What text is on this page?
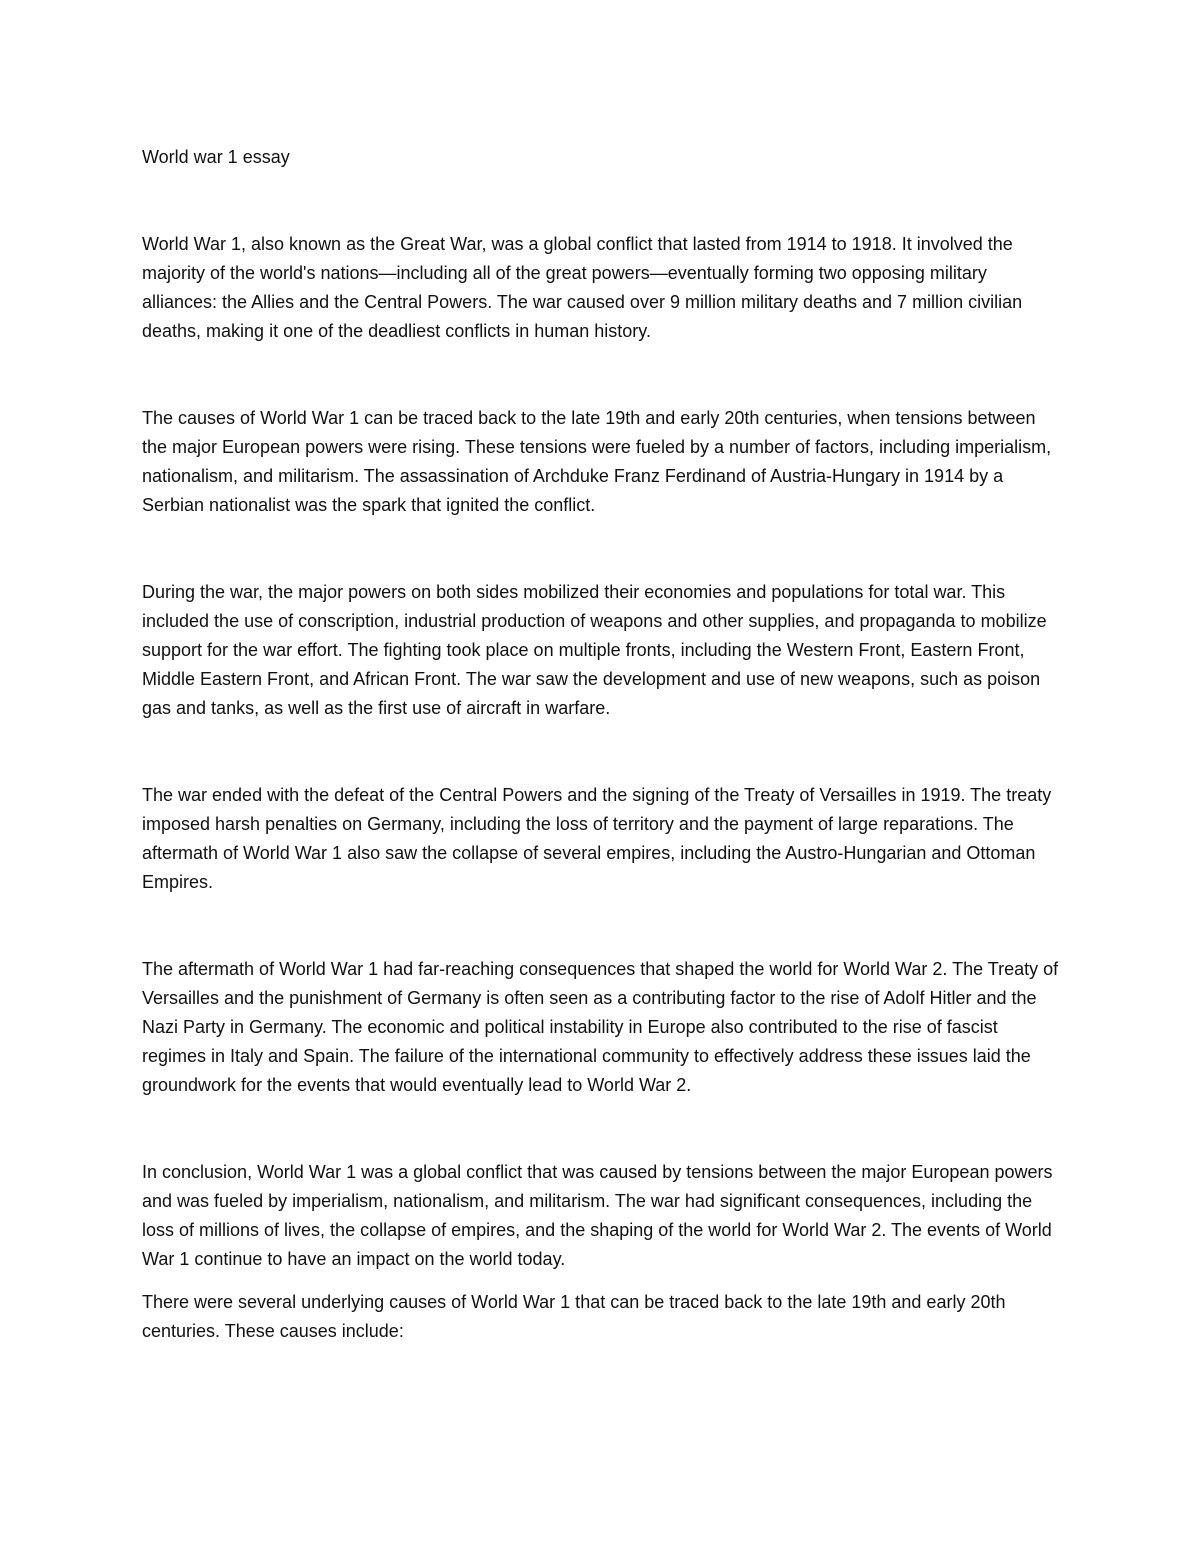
World war 1 essay

World War 1, also known as the Great War, was a global conflict that lasted from 1914 to 1918. It involved the majority of the world's nations—including all of the great powers—eventually forming two opposing military alliances: the Allies and the Central Powers. The war caused over 9 million military deaths and 7 million civilian deaths, making it one of the deadliest conflicts in human history.

The causes of World War 1 can be traced back to the late 19th and early 20th centuries, when tensions between the major European powers were rising. These tensions were fueled by a number of factors, including imperialism, nationalism, and militarism. The assassination of Archduke Franz Ferdinand of Austria-Hungary in 1914 by a Serbian nationalist was the spark that ignited the conflict.

During the war, the major powers on both sides mobilized their economies and populations for total war. This included the use of conscription, industrial production of weapons and other supplies, and propaganda to mobilize support for the war effort. The fighting took place on multiple fronts, including the Western Front, Eastern Front, Middle Eastern Front, and African Front. The war saw the development and use of new weapons, such as poison gas and tanks, as well as the first use of aircraft in warfare.

The war ended with the defeat of the Central Powers and the signing of the Treaty of Versailles in 1919. The treaty imposed harsh penalties on Germany, including the loss of territory and the payment of large reparations. The aftermath of World War 1 also saw the collapse of several empires, including the Austro-Hungarian and Ottoman Empires.

The aftermath of World War 1 had far-reaching consequences that shaped the world for World War 2. The Treaty of Versailles and the punishment of Germany is often seen as a contributing factor to the rise of Adolf Hitler and the Nazi Party in Germany. The economic and political instability in Europe also contributed to the rise of fascist regimes in Italy and Spain. The failure of the international community to effectively address these issues laid the groundwork for the events that would eventually lead to World War 2.

In conclusion, World War 1 was a global conflict that was caused by tensions between the major European powers and was fueled by imperialism, nationalism, and militarism. The war had significant consequences, including the loss of millions of lives, the collapse of empires, and the shaping of the world for World War 2. The events of World War 1 continue to have an impact on the world today.

There were several underlying causes of World War 1 that can be traced back to the late 19th and early 20th centuries. These causes include:
